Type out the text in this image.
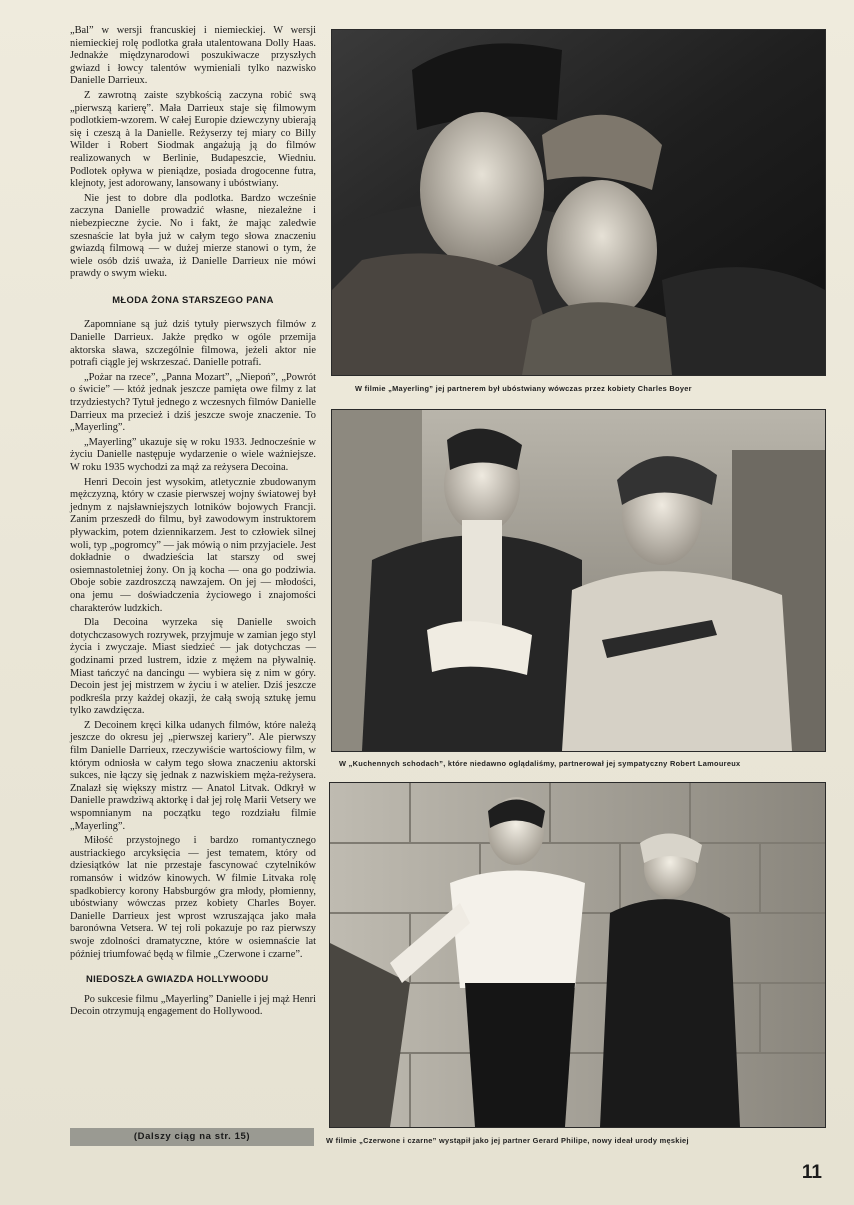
„Bal” w wersji francuskiej i niemieckiej. W wersji niemieckiej rolę podlotka grała utalentowana Dolly Haas. Jednakże międzynarodowi poszukiwacze przyszłych gwiazd i łowcy talentów wymieniali tylko nazwisko Danielle Darrieux.

Z zawrotną zaiste szybkością zaczyna robić swą „pierwszą karierę”. Mała Darrieux staje się filmowym podlotkiem-wzorem. W całej Europie dziewczyny ubierają się i czeszą à la Danielle. Reżyserzy tej miary co Billy Wilder i Robert Siodmak angażują ją do filmów realizowanych w Berlinie, Budapeszcie, Wiedniu. Podlotek opływa w pieniądze, posiada drogocenne futra, klejnoty, jest adorowany, lansowany i ubóstwiany.

Nie jest to dobre dla podlotka. Bardzo wcześnie zaczyna Danielle prowadzić własne, niezależne i niebezpieczne życie. No i fakt, że mając zaledwie szesnaście lat była już w całym tego słowa znaczeniu gwiazdą filmową — w dużej mierze stanowi o tym, że wiele osób dziś uważa, iż Danielle Darrieux nie mówi prawdy o swym wieku.

MŁODA ŻONA STARSZEGO PANA

Zapomniane są już dziś tytuły pierwszych filmów z Danielle Darrieux. Jakże prędko w ogóle przemija aktorska sława, szczególnie filmowa, jeżeli aktor nie potrafi ciągle jej wskrzeszać. Danielle potrafi.

„Pożar na rzece”, „Panna Mozart”, „Niepoń”, „Powrót o świcie” — któż jednak jeszcze pamięta owe filmy z lat trzydziestych? Tytuł jednego z wczesnych filmów Danielle Darrieux ma przecież i dziś jeszcze swoje znaczenie. To „Mayerling”.

„Mayerling” ukazuje się w roku 1933. Jednocześnie w życiu Danielle następuje wydarzenie o wiele ważniejsze. W roku 1935 wychodzi za mąż za reżysera Decoina.

Henri Decoin jest wysokim, atletycznie zbudowanym mężczyzną, który w czasie pierwszej wojny światowej był jednym z najsławniejszych lotników bojowych Francji. Zanim przeszedł do filmu, był zawodowym instruktorem pływackim, potem dziennikarzem. Jest to człowiek silnej woli, typ „pogromcy” — jak mówią o nim przyjaciele. Jest dokładnie o dwadzieścia lat starszy od swej osiemnastoletniej żony. On ją kocha — ona go podziwia. Oboje sobie zazdroszczą nawzajem. On jej — młodości, ona jemu — doświadczenia życiowego i znajomości charakterów ludzkich.

Dla Decoina wyrzeka się Danielle swoich dotychczasowych rozrywek, przyjmuje w zamian jego styl życia i zwyczaje. Miast siedzieć — jak dotychczas — godzinami przed lustrem, idzie z mężem na pływalnię. Miast tańczyć na dancingu — wybiera się z nim w góry. Decoin jest jej mistrzem w życiu i w atelier. Dziś jeszcze podkreśla przy każdej okazji, że całą swoją sztukę jemu tylko zawdzięcza.

Z Decoinem kręci kilka udanych filmów, które należą jeszcze do okresu jej „pierwszej kariery”. Ale pierwszy film Danielle Darrieux, rzeczywiście wartościowy film, w którym odniosła w całym tego słowa znaczeniu aktorski sukces, nie łączy się jednak z nazwiskiem męża-reżysera. Znalazł się większy mistrz — Anatol Litvak. Odkrył w Danielle prawdziwą aktorkę i dał jej rolę Marii Vetsery we wspomnianym na początku tego rozdziału filmie „Mayerling”.

Miłość przystojnego i bardzo romantycznego austriackiego arcyksięcia — jest tematem, który od dziesiątków lat nie przestaje fascynować czytelników romansów i widzów kinowych. W filmie Litvaka rolę spadkobiercy korony Habsburgów gra młody, płomienny, ubóstwiany wówczas przez kobiety Charles Boyer. Danielle Darrieux jest wprost wzruszająca jako mała baronówna Vetsera. W tej roli pokazuje po raz pierwszy swoje zdolności dramatyczne, które w osiemnaście lat później triumfować będą w filmie „Czerwone i czarne”.

NIEDOSZŁA GWIAZDA HOLLYWOODU

Po sukcesie filmu „Mayerling” Danielle i jej mąż Henri Decoin otrzymują engagement do Hollywood.

(Dalszy ciąg na str. 15)
W filmie „Mayerling” jej partnerem był ubóstwiany wówczas przez kobiety Charles Boyer
W „Kuchennych schodach”, które niedawno oglądaliśmy, partnerował jej sympatyczny Robert Lamoureux
W filmie „Czerwone i czarne” wystąpił jako jej partner Gerard Philipe, nowy ideał urody męskiej
11
